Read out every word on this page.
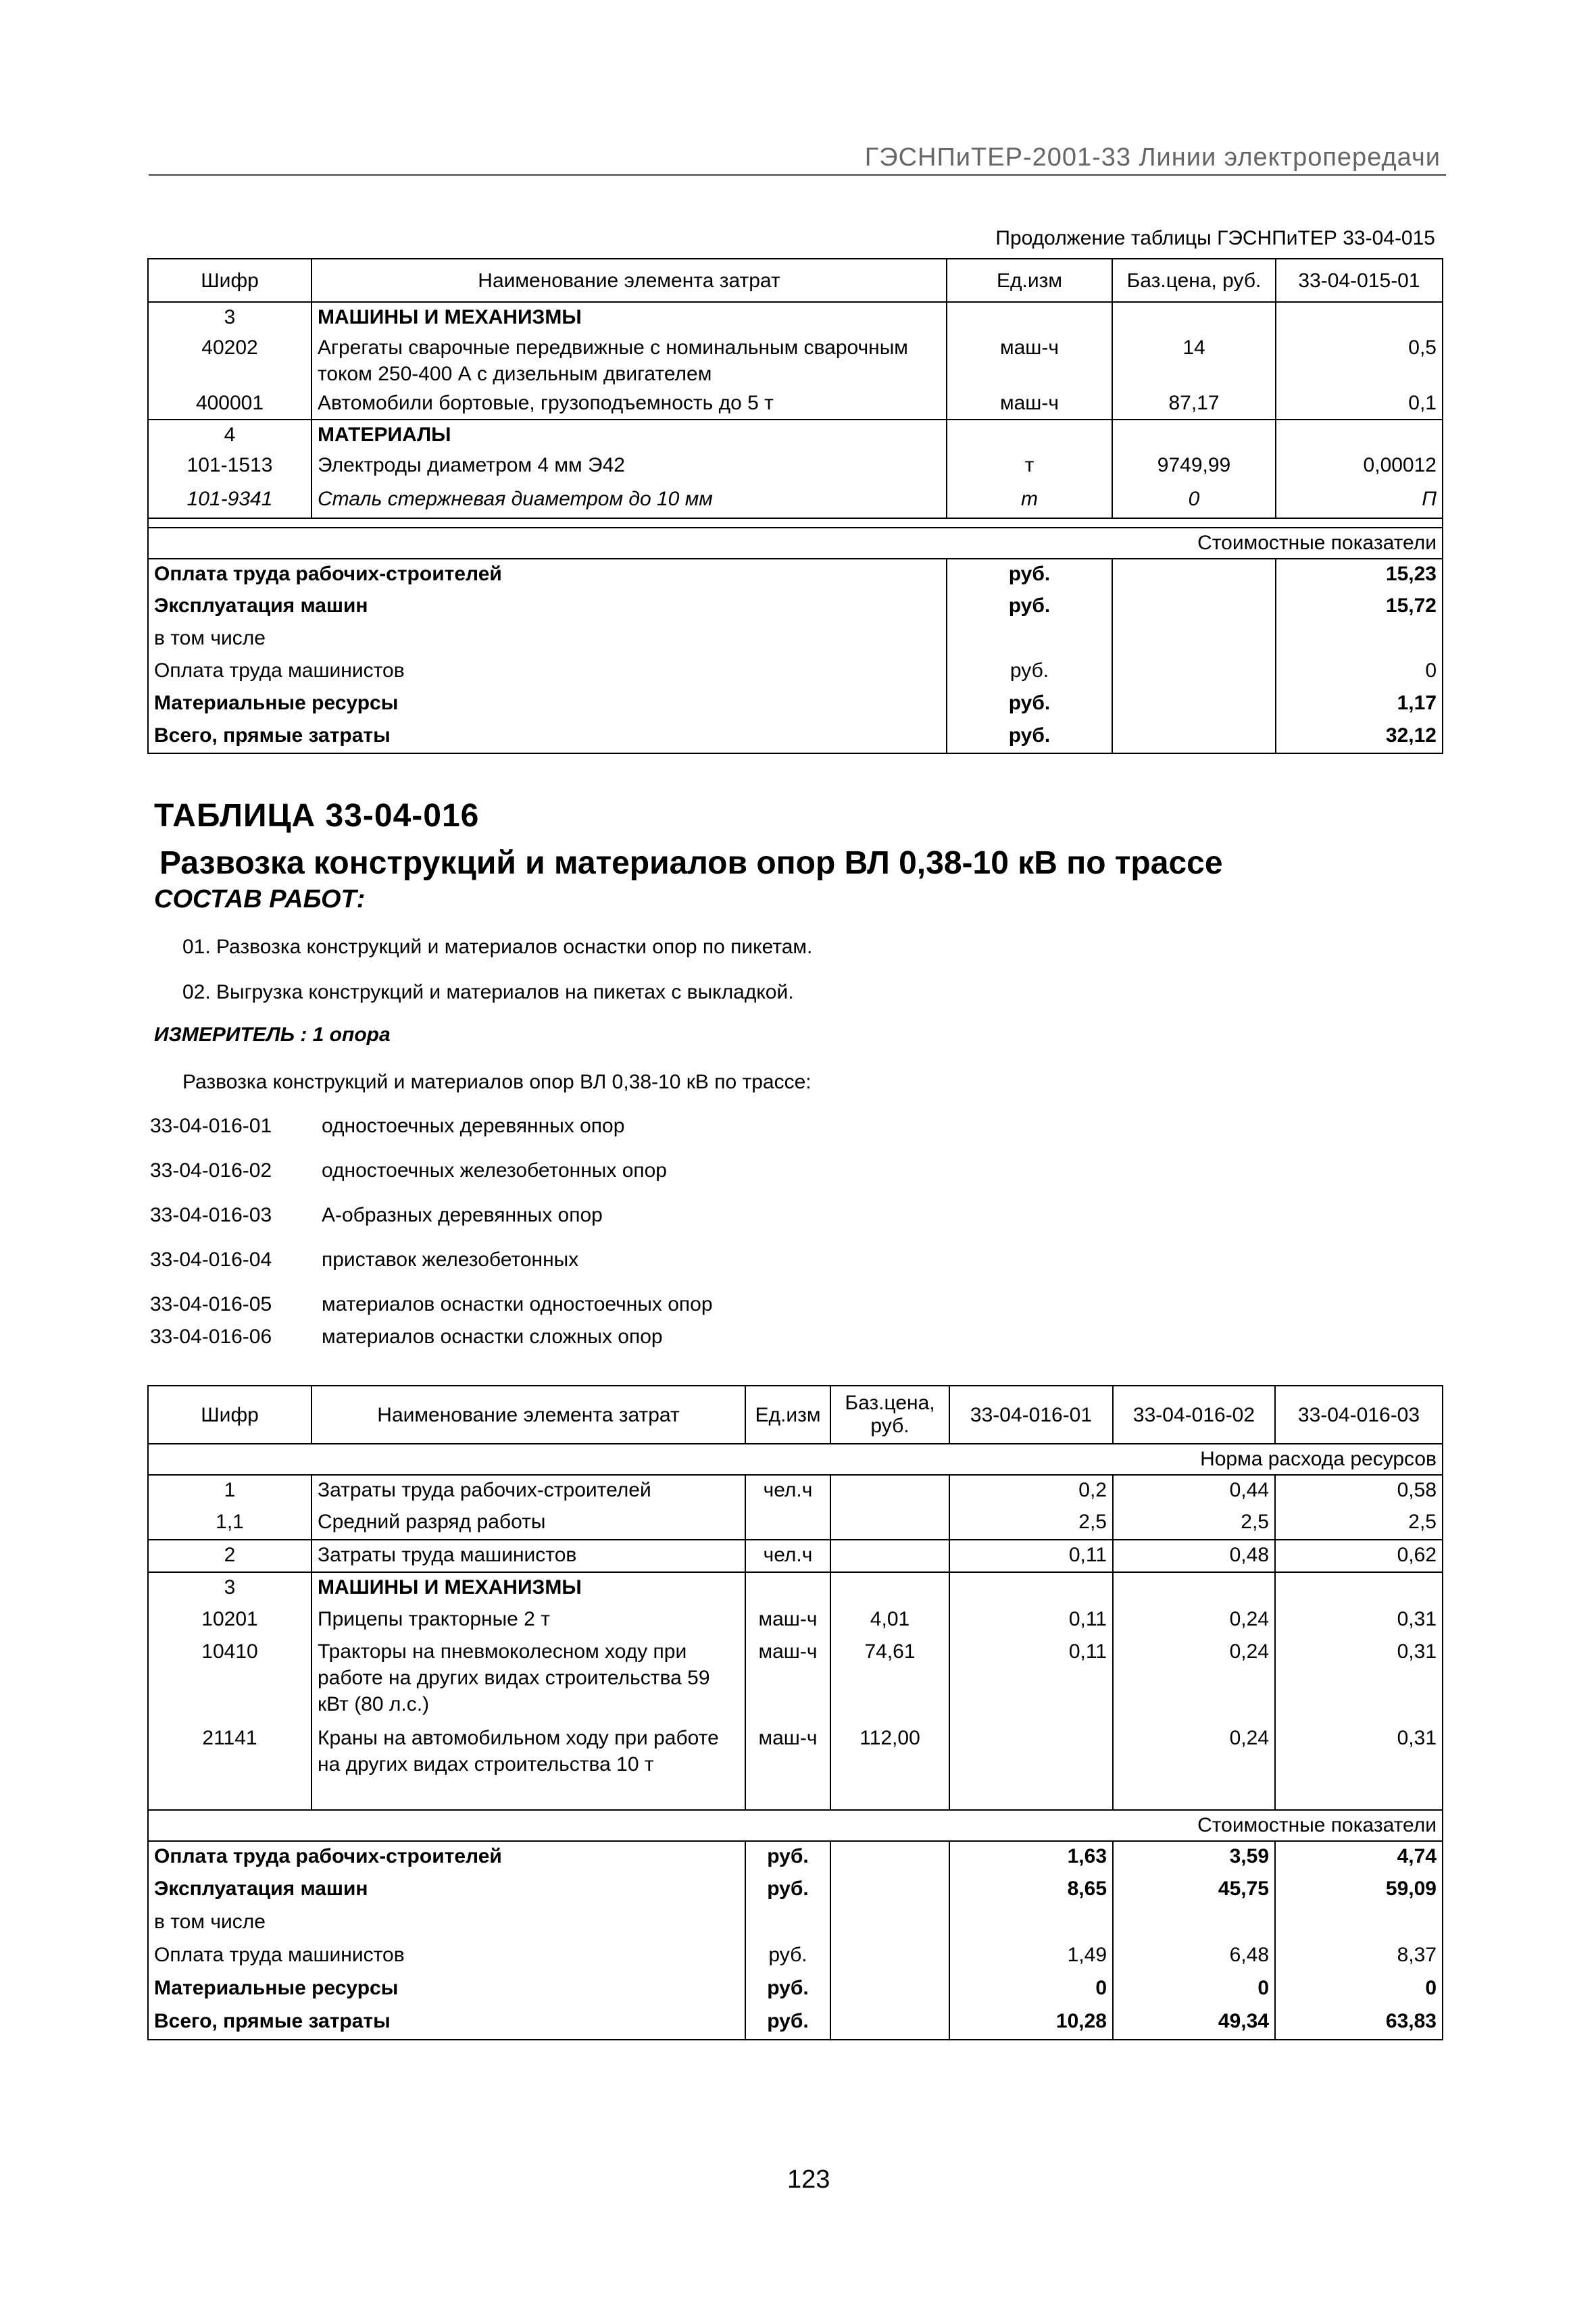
ГЭСНПиТЕР-2001-33 Линии электропередачи
Продолжение таблицы ГЭСНПиТЕР 33-04-015
Шифр	Наименование элемента затрат	Ед.изм	Баз.цена, руб.	33-04-015-01
3	МАШИНЫ И МЕХАНИЗМЫ			
40202	Агрегаты сварочные передвижные с номинальным сварочным током 250-400 А с дизельным двигателем	маш-ч	14	0,5
400001	Автомобили бортовые, грузоподъемность до 5 т	маш-ч	87,17	0,1
4	МАТЕРИАЛЫ			
101-1513	Электроды диаметром 4 мм Э42	т	9749,99	0,00012
101-9341	Сталь стержневая диаметром до 10 мм	т	0	П

Стоимостные показатели				
Оплата труда рабочих-строителей		руб.		15,23
Эксплуатация машин		руб.		15,72
в том числе				
Оплата труда машинистов		руб.		0
Материальные ресурсы		руб.		1,17
Всего, прямые затраты		руб.		32,12
ТАБЛИЦА 33-04-016
Развозка конструкций и материалов опор ВЛ 0,38-10 кВ по трассе
СОСТАВ РАБОТ:
01. Развозка конструкций и материалов оснастки опор по пикетам.
02. Выгрузка конструкций и материалов на пикетах с выкладкой.
ИЗМЕРИТЕЛЬ : 1 опора
Развозка конструкций и материалов опор ВЛ 0,38-10 кВ по трассе:
33-04-016-01 одностоечных деревянных опор
33-04-016-02 одностоечных железобетонных опор
33-04-016-03 А-образных деревянных опор
33-04-016-04 приставок железобетонных
33-04-016-05 материалов оснастки одностоечных опор
33-04-016-06 материалов оснастки сложных опор
Шифр	Наименование элемента затрат	Ед.изм	Баз.цена, руб.	33-04-016-01	33-04-016-02	33-04-016-03
Норма расхода ресурсов						
1	Затраты труда рабочих-строителей	чел.ч		0,2	0,44	0,58
1,1	Средний разряд работы			2,5	2,5	2,5
2	Затраты труда машинистов	чел.ч		0,11	0,48	0,62
3	МАШИНЫ И МЕХАНИЗМЫ					
10201	Прицепы тракторные 2 т	маш-ч	4,01	0,11	0,24	0,31
10410	Тракторы на пневмоколесном ходу при работе на других видах строительства 59 кВт (80 л.с.)	маш-ч	74,61	0,11	0,24	0,31
21141	Краны на автомобильном ходу при работе на других видах строительства 10 т	маш-ч	112,00		0,24	0,31
Стоимостные показатели						
Оплата труда рабочих-строителей		руб.		1,63	3,59	4,74
Эксплуатация машин		руб.		8,65	45,75	59,09
в том числе						
Оплата труда машинистов		руб.		1,49	6,48	8,37
Материальные ресурсы		руб.		0	0	0
Всего, прямые затраты		руб.		10,28	49,34	63,83
123
